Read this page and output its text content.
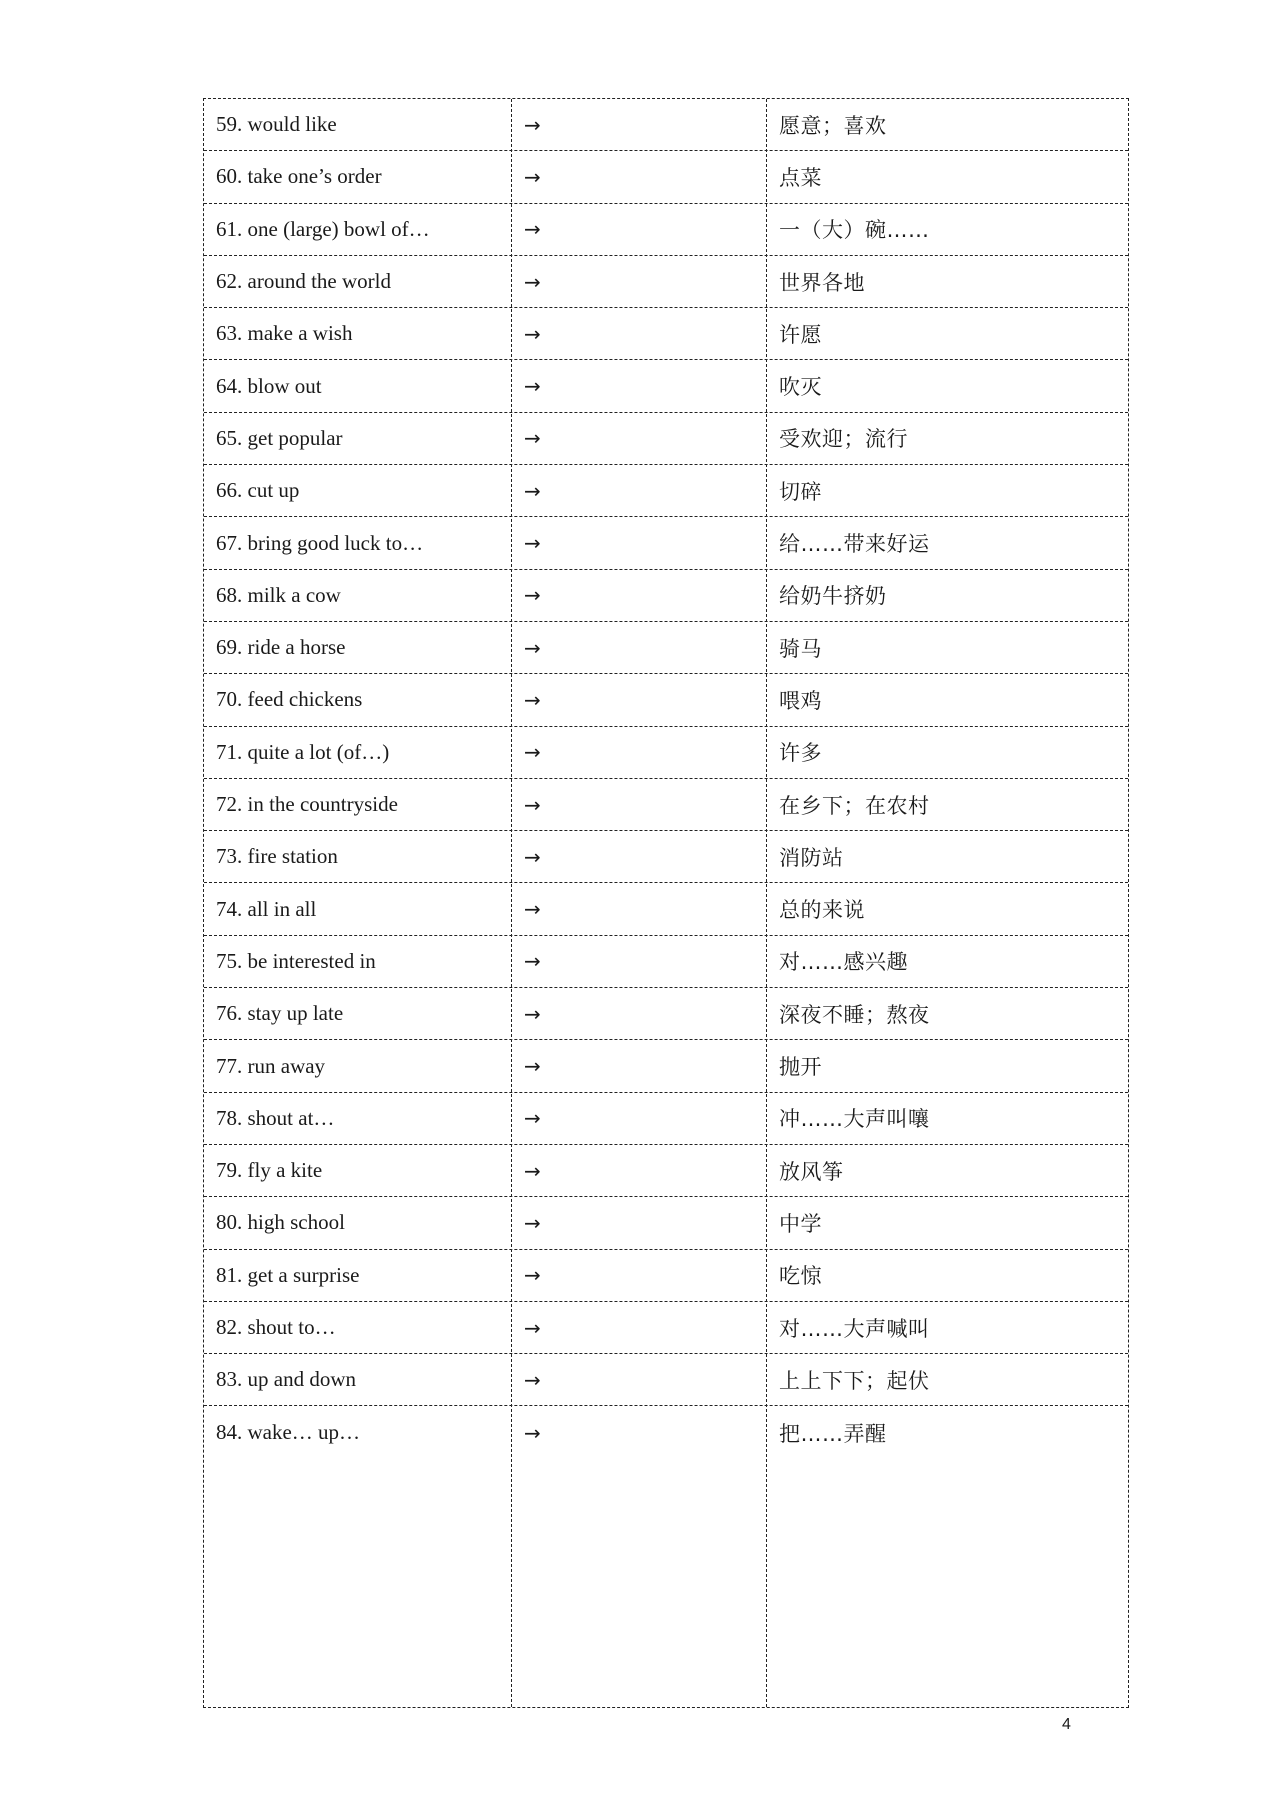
59. would like	→	愿意；喜欢
60. take one’s order	→	点菜
61. one (large) bowl of…	→	一（大）碗……
62. around the world	→	世界各地
63. make a wish	→	许愿
64. blow out	→	吹灭
65. get popular	→	受欢迎；流行
66. cut up	→	切碎
67. bring good luck to…	→	给……带来好运
68. milk a cow	→	给奶牛挤奶
69. ride a horse	→	骑马
70. feed chickens	→	喂鸡
71. quite a lot (of…)	→	许多
72. in the countryside	→	在乡下；在农村
73. fire station	→	消防站
74. all in all	→	总的来说
75. be interested in	→	对……感兴趣
76. stay up late	→	深夜不睡；熬夜
77. run away	→	抛开
78. shout at…	→	冲……大声叫嚷
79. fly a kite	→	放风筝
80. high school	→	中学
81. get a surprise	→	吃惊
82. shout to…	→	对……大声喊叫
83. up and down	→	上上下下；起伏
84. wake… up…	→	把……弄醒
4
